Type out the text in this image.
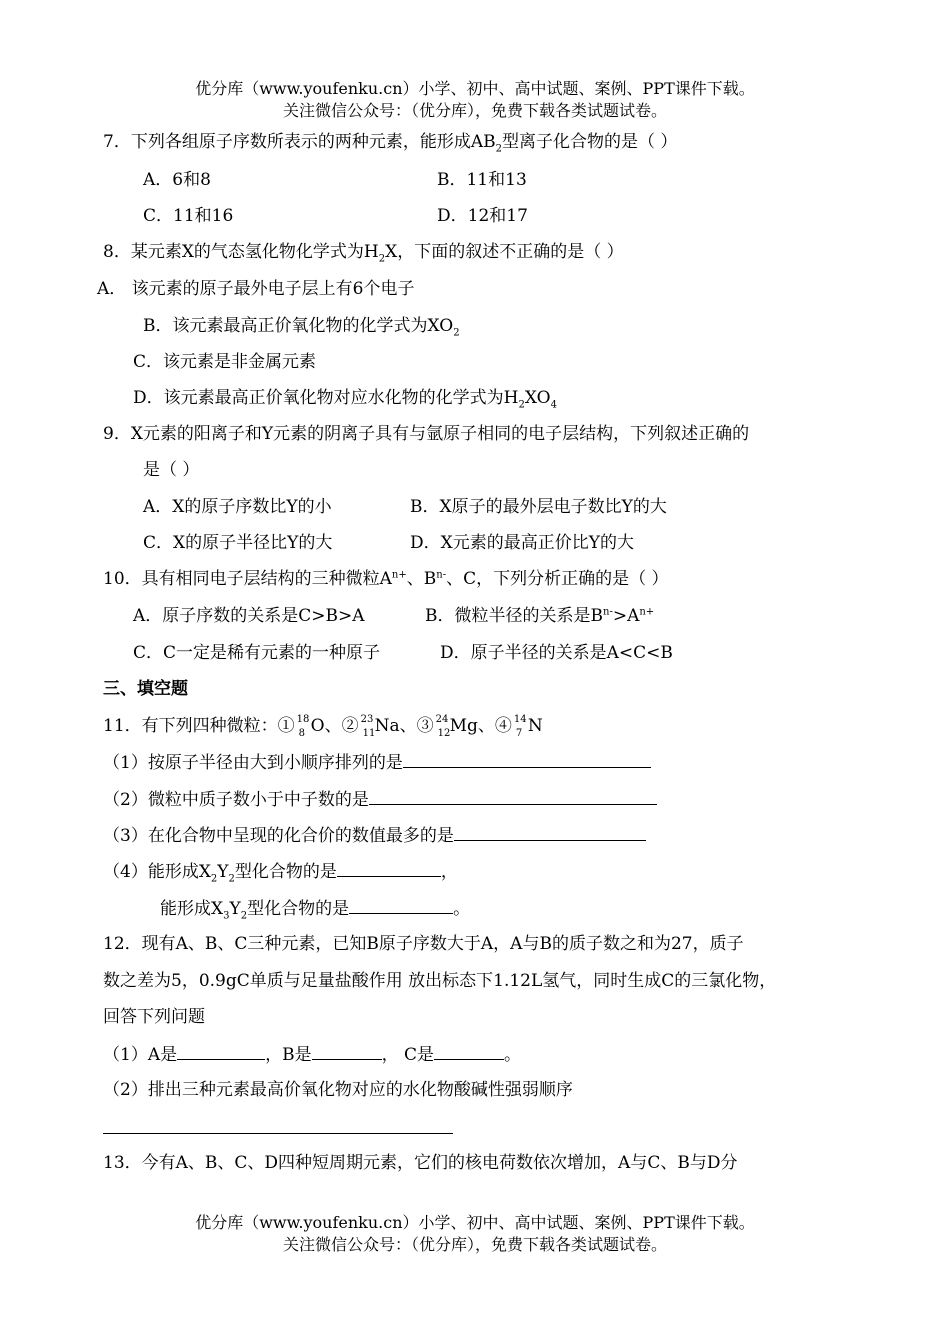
优分库（www.youfenku.cn）小学、初中、高中试题、案例、PPT课件下载。
关注微信公众号：（优分库），免费下载各类试题试卷。
7．下列各组原子序数所表示的两种元素，能形成$AB_2$型离子化合物的是（ ）
A．6和8	B．11和13
C．11和16	D．12和17
8．某元素X的气态氢化物化学式为$H_2X$，下面的叙述不正确的是（ ）
A． 该元素的原子最外电子层上有6个电子
B．该元素最高正价氧化物的化学式为$XO_2$
C．该元素是非金属元素
D．该元素最高正价氧化物对应水化物的化学式为$H_2XO_4$
9．X元素的阳离子和Y元素的阴离子具有与氩原子相同的电子层结构，下列叙述正确的
是（ ）
A．X的原子序数比Y的小	B．X原子的最外层电子数比Y的大
C．X的原子半径比Y的大	D．X元素的最高正价比Y的大
10．具有相同电子层结构的三种微粒$A^{n+}$、$B^{n-}$、C，下列分析正确的是（ ）
A．原子序数的关系是C>B>A	B．微粒半径的关系是$B^{n-}>A^{n+}$
C．C一定是稀有元素的一种原子	D．原子半径的关系是A<C<B
三、填空题
11．有下列四种微粒：① 18
8 O、② 23
11 Na、③ 24
12 Mg、④ 14
7 N
（1）按原子半径由大到小顺序排列的是
（2）微粒中质子数小于中子数的是
（3）在化合物中呈现的化合价的数值最多的是
（4）能形成$X_2Y_2$型化合物的是	，
能形成$X_3Y_2$型化合物的是	。
12．现有A、B、C三种元素，已知B原子序数大于A，A与B的质子数之和为27，质子
数之差为5，0.9gC单质与足量盐酸作用 放出标态下1.12L氢气，同时生成C的三氯化物，
回答下列问题
（1）A是	，B是	， C是	。
（2）排出三种元素最高价氧化物对应的水化物酸碱性强弱顺序
13．今有A、B、C、D四种短周期元素，它们的核电荷数依次增加，A与C、B与D分
优分库（www.youfenku.cn）小学、初中、高中试题、案例、PPT课件下载。
关注微信公众号：（优分库），免费下载各类试题试卷。
